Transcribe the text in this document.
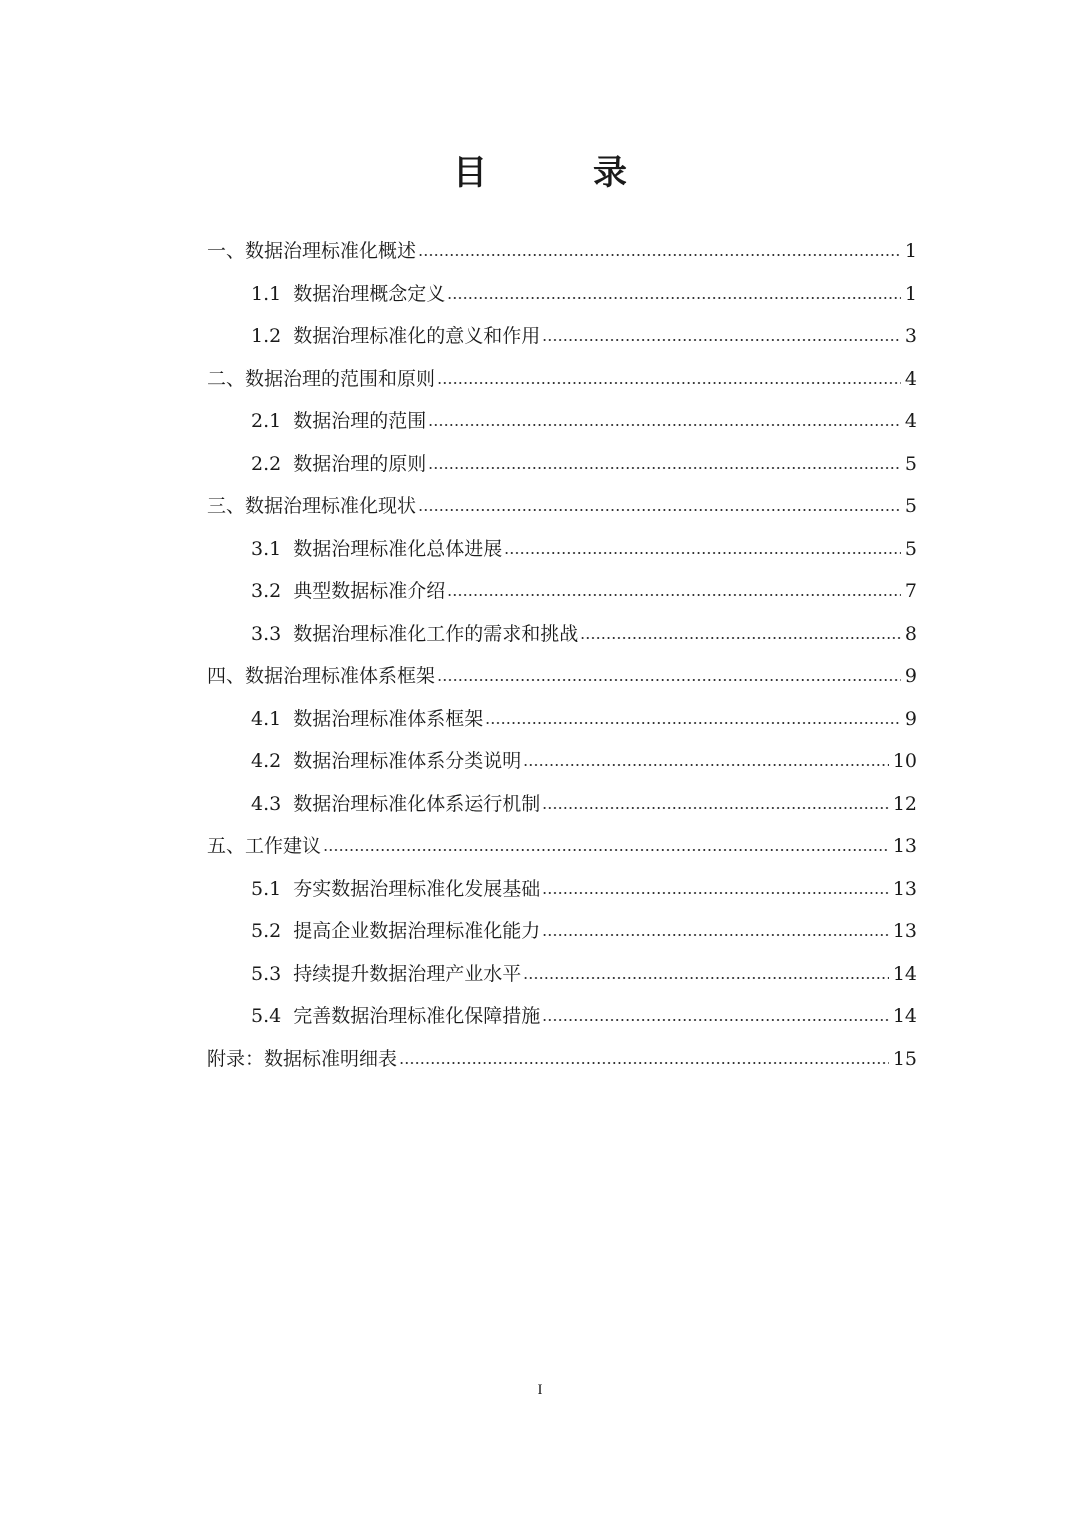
目　录
一、数据治理标准化概述	1
1.1 数据治理概念定义	1
1.2 数据治理标准化的意义和作用	3
二、数据治理的范围和原则	4
2.1 数据治理的范围	4
2.2 数据治理的原则	5
三、数据治理标准化现状	5
3.1 数据治理标准化总体进展	5
3.2 典型数据标准介绍	7
3.3 数据治理标准化工作的需求和挑战	8
四、数据治理标准体系框架	9
4.1 数据治理标准体系框架	9
4.2 数据治理标准体系分类说明	10
4.3 数据治理标准化体系运行机制	12
五、工作建议	13
5.1 夯实数据治理标准化发展基础	13
5.2 提高企业数据治理标准化能力	13
5.3 持续提升数据治理产业水平	14
5.4 完善数据治理标准化保障措施	14
附录：数据标准明细表	15
I
